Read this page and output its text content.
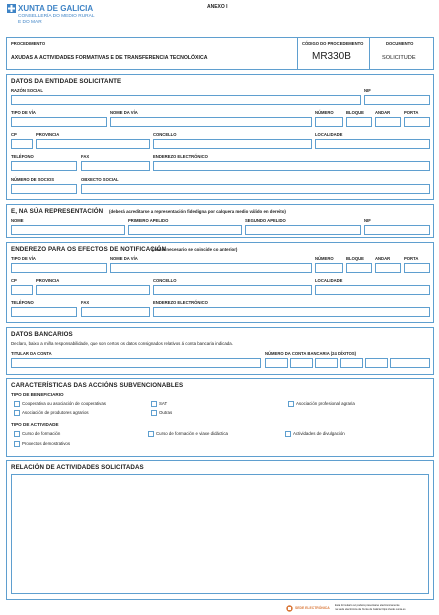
XUNTA DE GALICIA
CONSELLERÍA DO MEDIO RURAL
E DO MAR
ANEXO I
PROCEDIMENTO
AXUDAS A ACTIVIDADES FORMATIVAS E DE TRANSFERENCIA TECNOLÓXICA
CÓDIGO DO PROCEDEMENTO
MR330B
DOCUMENTO
SOLICITUDE
DATOS DA ENTIDADE SOLICITANTE
RAZÓN SOCIAL	NIF
TIPO DE VÍA	NOME DA VÍA	NÚMERO	BLOQUE	ANDAR	PORTA
CP	PROVINCIA	CONCELLO	LOCALIDADE
TELÉFONO	FAX	ENDEREZO ELECTRÓNICO
NÚMERO DE SOCIOS	OBXECTO SOCIAL
E, NA SÚA REPRESENTACIÓN (deberá acreditarse a representación fidedigna por calquera medio válido en dereito)
NOME	PRIMEIRO APELIDO	SEGUNDO APELIDO	NIF
ENDEREZO PARA OS EFECTOS DE NOTIFICACIÓN
(non é necesario se coincide co anterior)
TIPO DE VÍA	NOME DA VÍA	NÚMERO	BLOQUE	ANDAR	PORTA
CP	PROVINCIA	CONCELLO	LOCALIDADE
TELÉFONO	FAX	ENDEREZO ELECTRÓNICO
DATOS BANCARIOS
Declaro, baixo a miña responsabilidade, que son certos os datos consignados relativos á conta bancaria indicada.
TITULAR DA CONTA	NÚMERO DA CONTA BANCARIA (24 DÍXITOS)
CARACTERÍSTICAS DAS ACCIÓNS SUBVENCIONABLES
TIPO DE BENEFICIARIO
Cooperativa ou asociación de cooperativas	SAT	Asociación profesional agraria
Asociación de produtores agrarios	Outras
TIPO DE ACTIVIDADE
Curso de formación	Curso de formación e viaxe didáctica	Actividades de divulgación
Proxectos demostrativos
RELACIÓN DE ACTIVIDADES SOLICITADAS
SEDE ELECTRÓNICA
Esta formulario só poderá presentarse electronicamente
na sede electrónica da Xunta de Galicia https://sede.xunta.es
